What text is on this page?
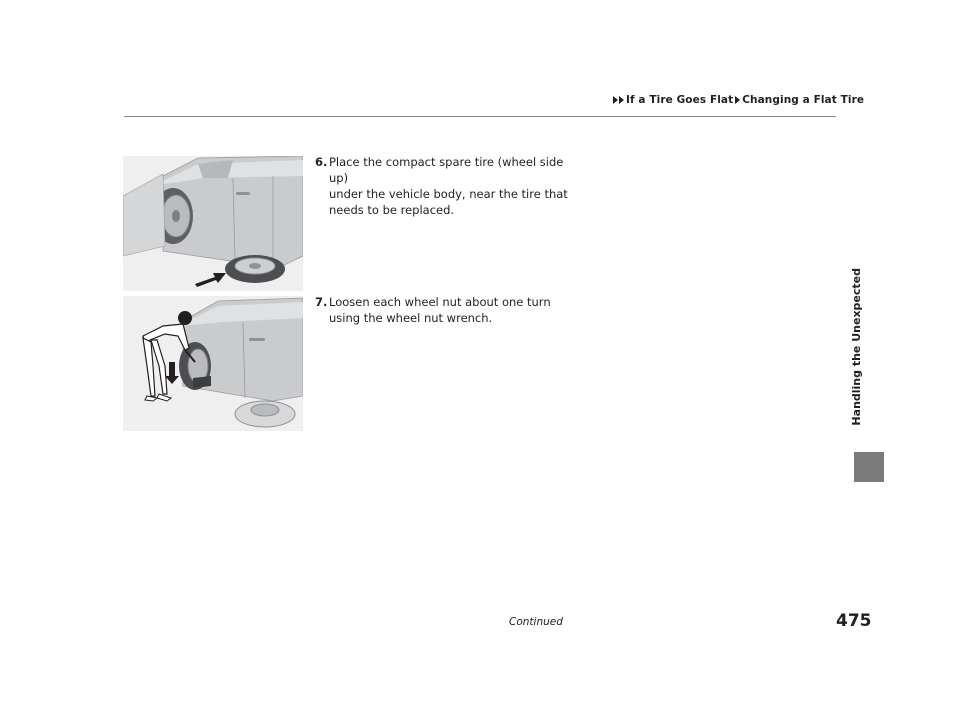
If a Tire Goes Flat Changing a Flat Tire
6. Place the compact spare tire (wheel side up)
under the vehicle body, near the tire that
needs to be replaced.
7. Loosen each wheel nut about one turn
using the wheel nut wrench.	Handling the Unexpected
Continued	475
